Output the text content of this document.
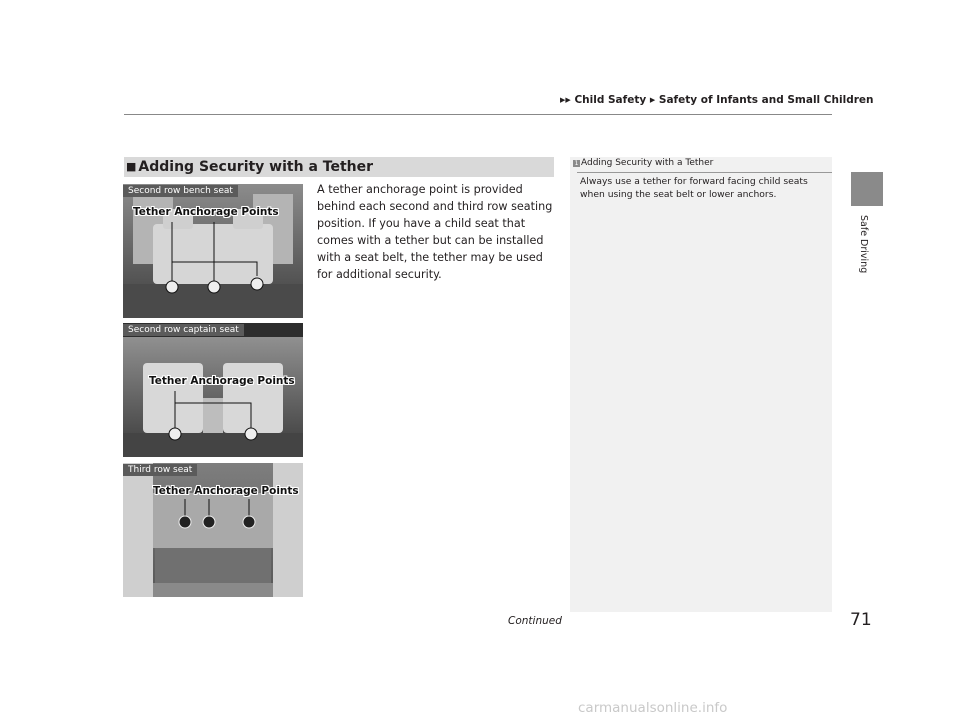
▶▶ Child Safety ▶ Safety of Infants and Small Children
Safe Driving
■ Adding Security with a Tether

A tether anchorage point is provided behind each second and third row seating position. If you have a child seat that comes with a tether but can be installed with a seat belt, the tether may be used for additional security.

Second row bench seat
Tether Anchorage Points
Second row captain seat
Tether Anchorage Points
Third row seat
Tether Anchorage Points
1 Adding Security with a Tether

Always use a tether for forward facing child seats when using the seat belt or lower anchors.

Continued	71
carmanualsonline.info
